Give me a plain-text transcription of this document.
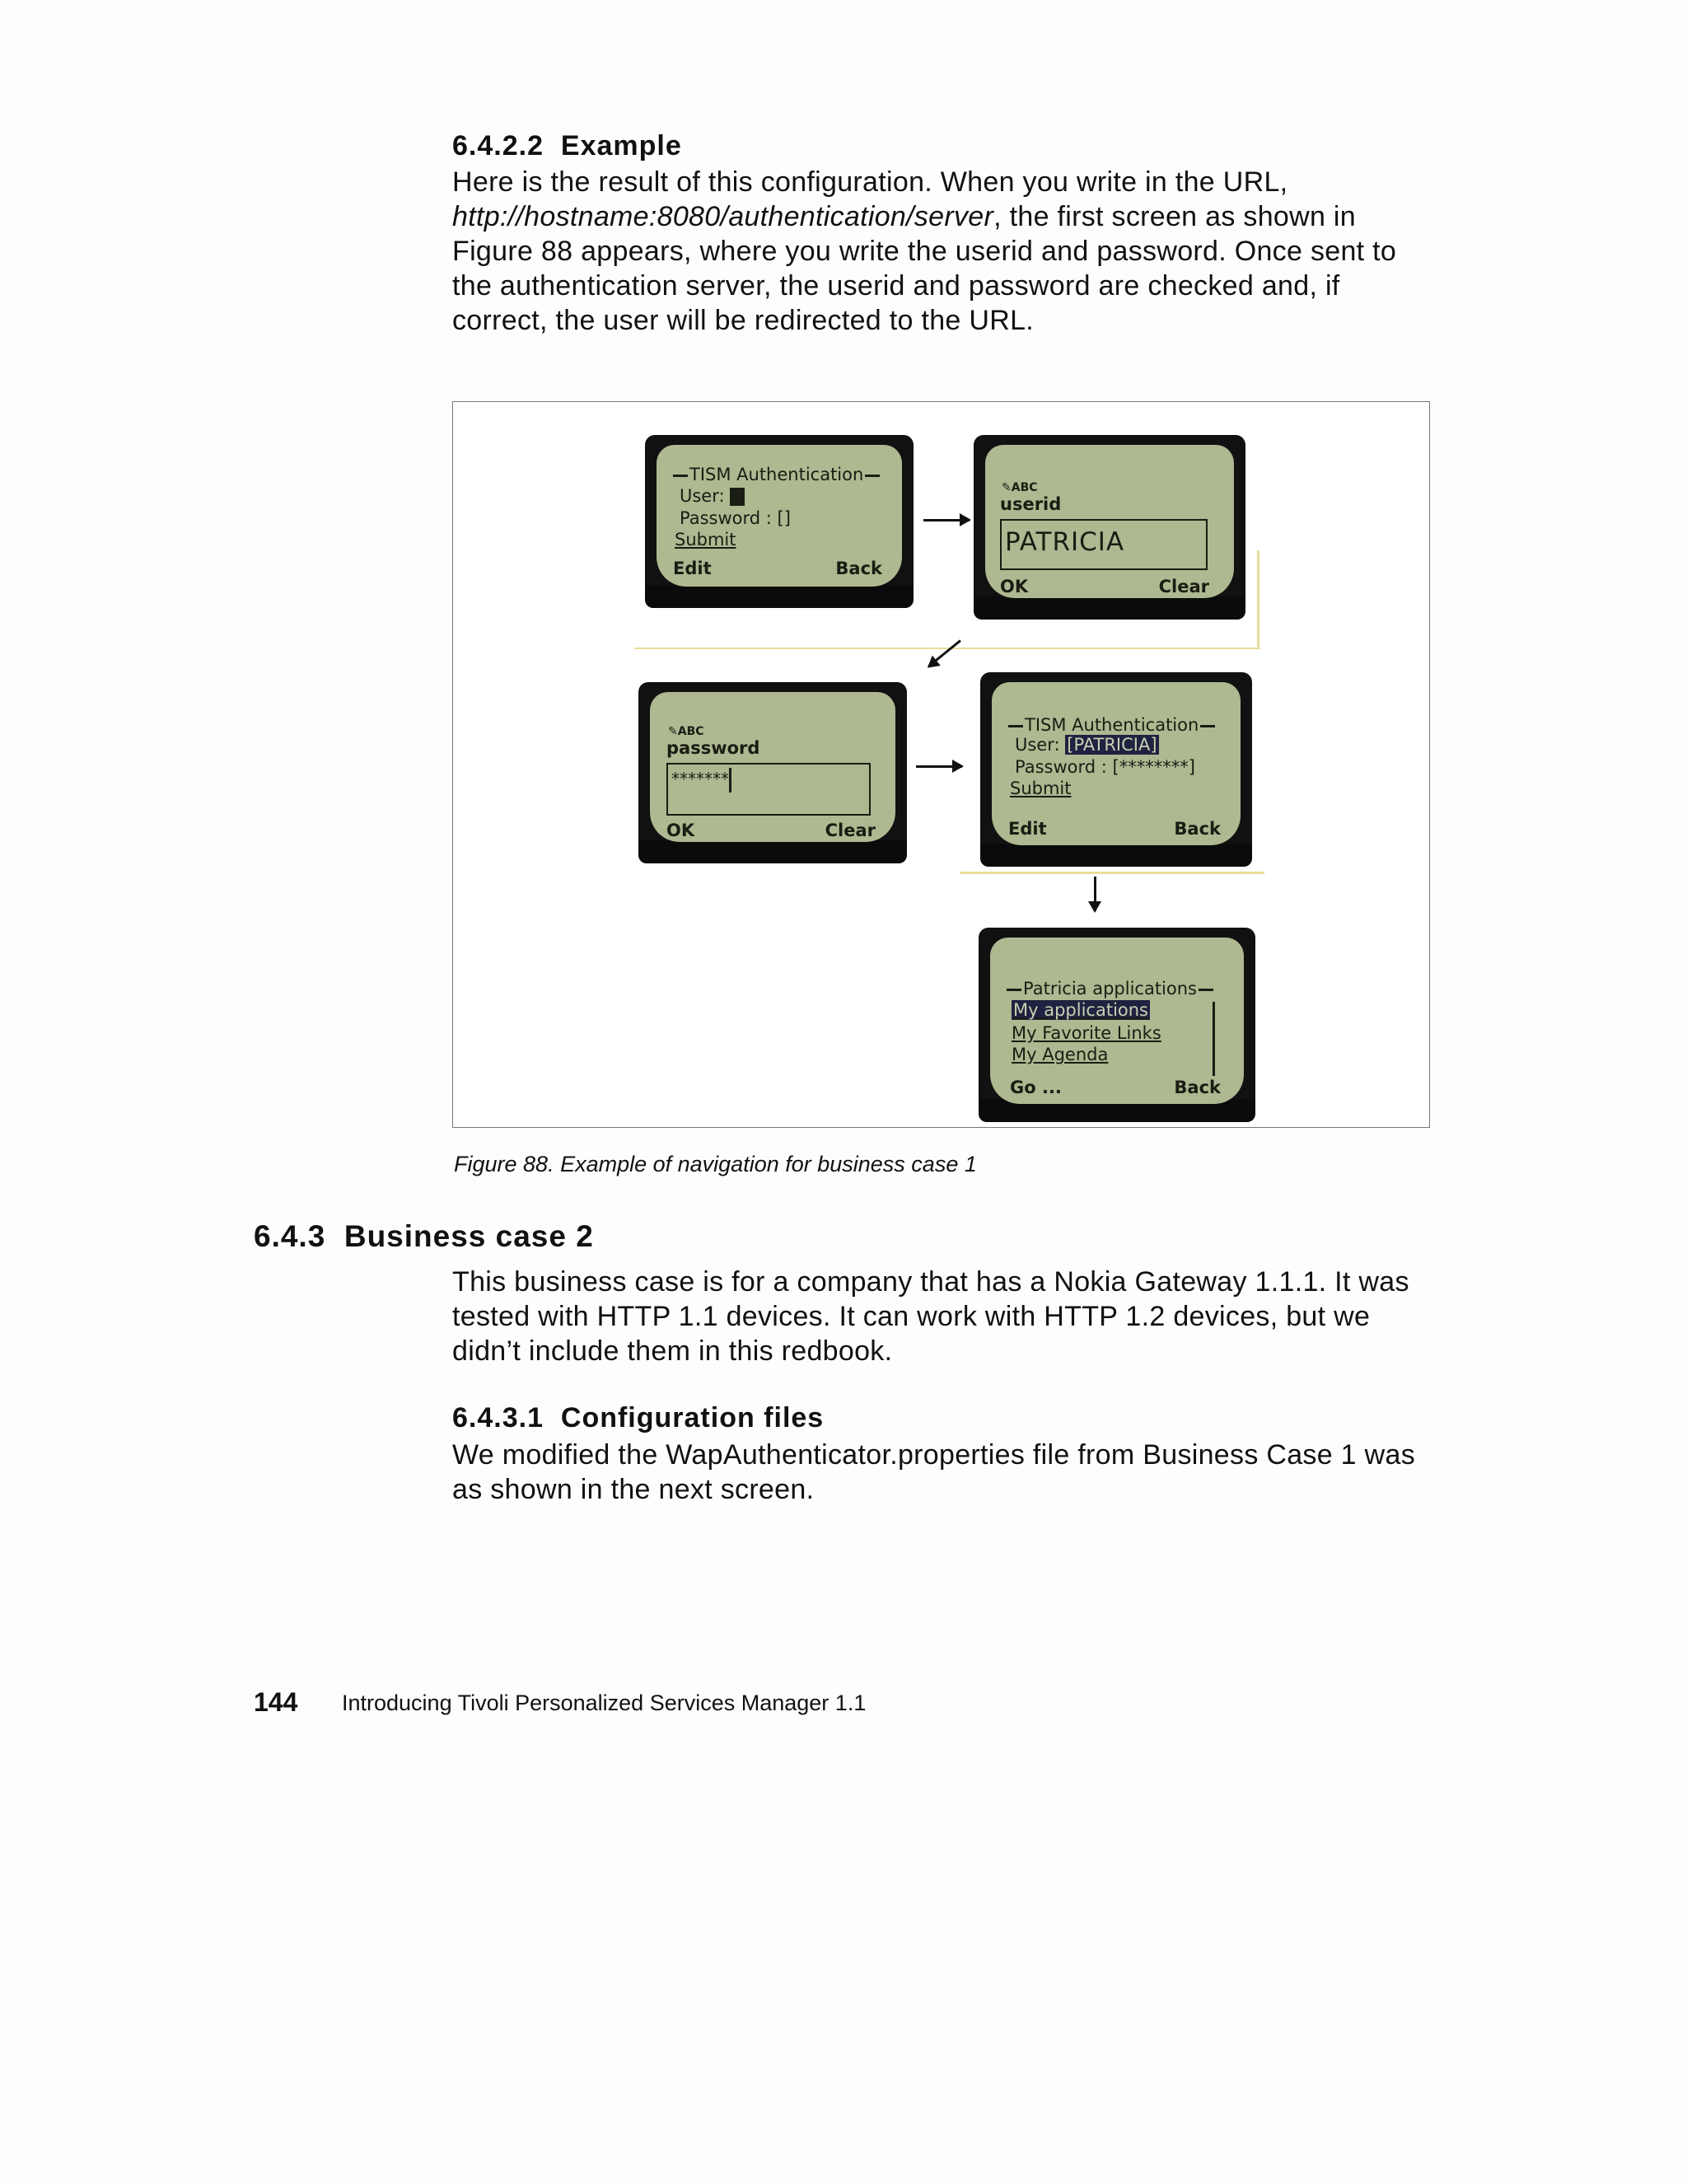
6.4.2.2 Example
Here is the result of this configuration. When you write in the URL,
http://hostname:8080/authentication/server, the first screen as shown in Figure 88 appears, where you write the userid and password. Once sent to the authentication server, the userid and password are checked and, if correct, the user will be redirected to the URL.
TISM Authentication
User:
Password : []
Submit
Edit	Back
✎ABC
userid
PATRICIA
OK	Clear
✎ABC
password
*******
OK	Clear
TISM Authentication
User: [PATRICIA]
Password : [********]
Submit
Edit	Back
Patricia applications
My applications
My Favorite Links
My Agenda
Go ...	Back
Figure 88. Example of navigation for business case 1
6.4.3 Business case 2
This business case is for a company that has a Nokia Gateway 1.1.1. It was tested with HTTP 1.1 devices. It can work with HTTP 1.2 devices, but we didn’t include them in this redbook.
6.4.3.1 Configuration files
We modified the WapAuthenticator.properties file from Business Case 1 was as shown in the next screen.
144 Introducing Tivoli Personalized Services Manager 1.1
